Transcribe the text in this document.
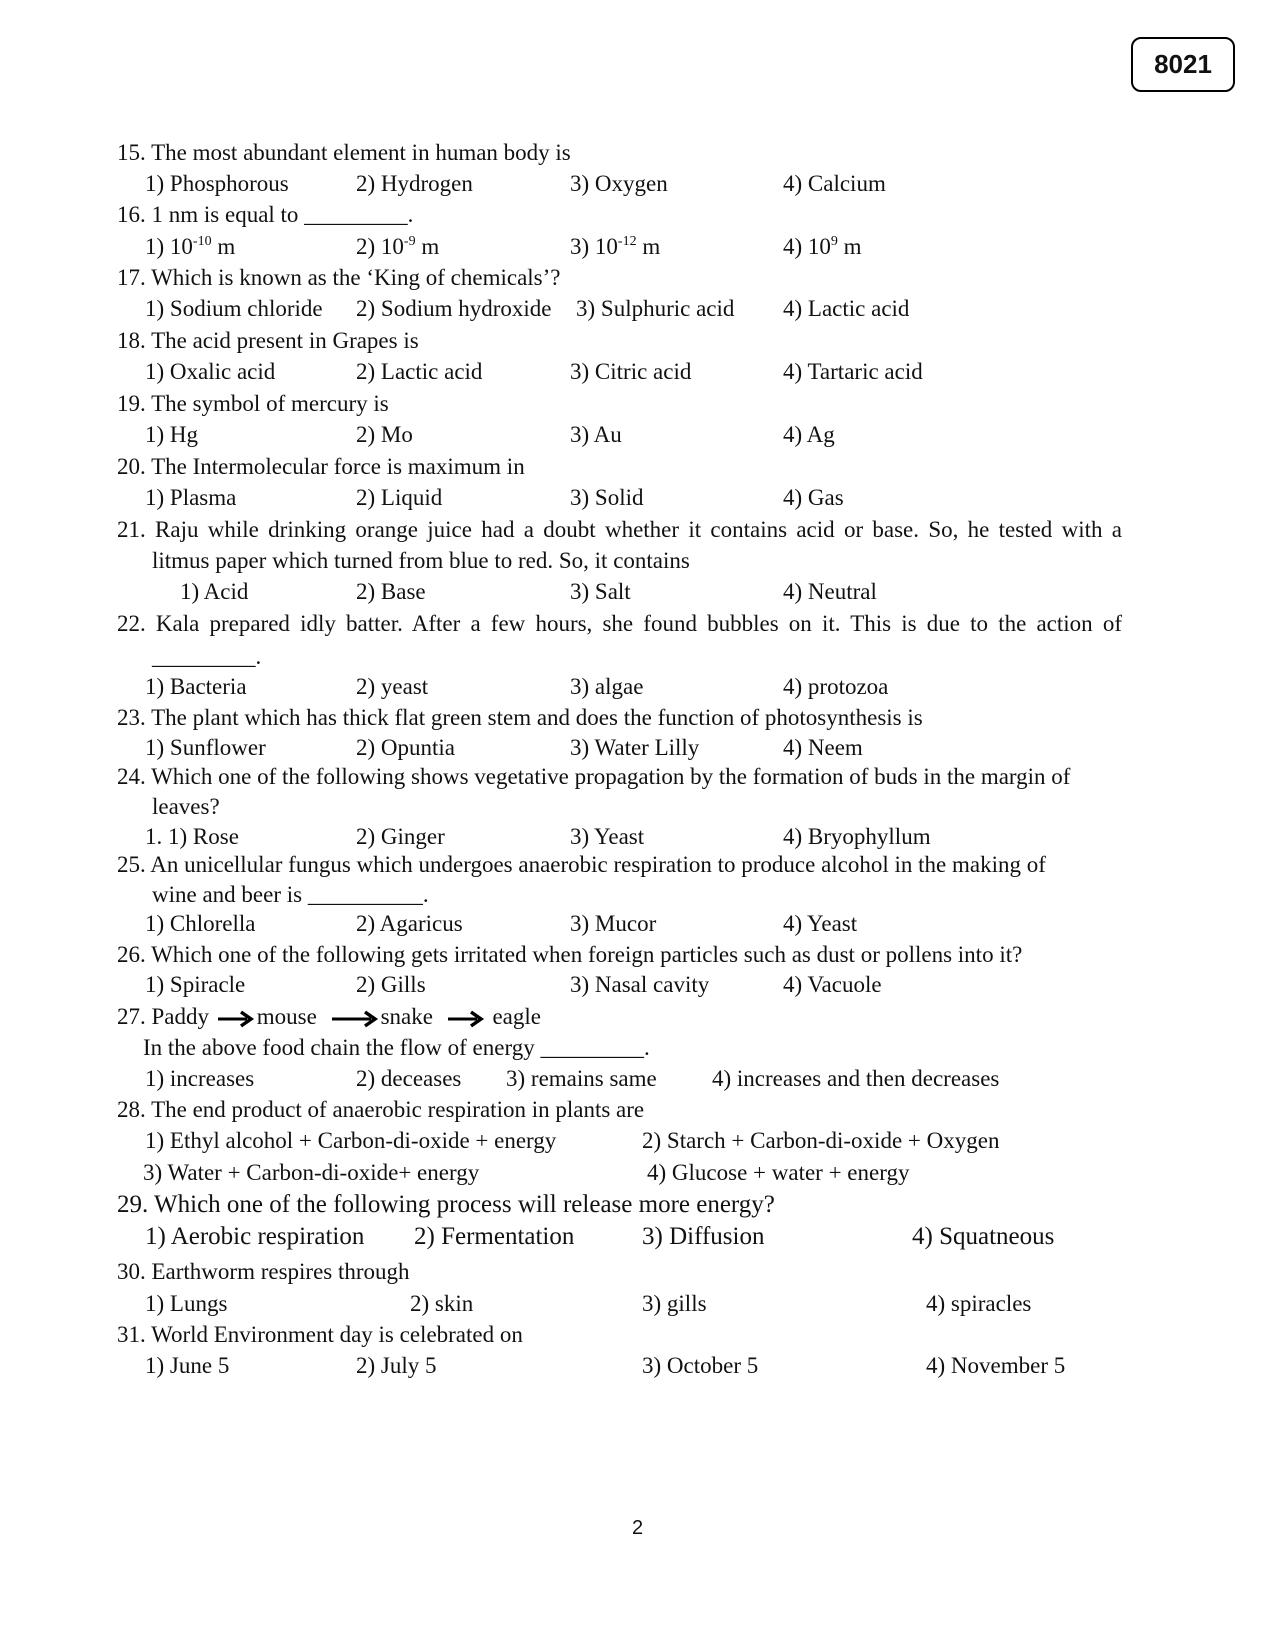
8021
15. The most abundant element in human body is
1) Phosphorous	2) Hydrogen	3) Oxygen	4) Calcium
16. 1 nm is equal to _________.
1) $10^{-10}$ m	2) $10^{-9}$ m	3) $10^{-12}$ m	4) $10^9$ m
17. Which is known as the ‘King of chemicals’?
1) Sodium chloride 2) Sodium hydroxide 3) Sulphuric acid 4) Lactic acid
18. The acid present in Grapes is
1) Oxalic acid	2) Lactic acid	3) Citric acid	4) Tartaric acid
19. The symbol of mercury is
1) Hg	2) Mo	3) Au	4) Ag
20. The Intermolecular force is maximum in
1) Plasma	2) Liquid	3) Solid	4) Gas
21. Raju while drinking orange juice had a doubt whether it contains acid or base. So, he tested with a
litmus paper which turned from blue to red. So, it contains
1) Acid	2) Base	3) Salt	4) Neutral
22. Kala prepared idly batter. After a few hours, she found bubbles on it. This is due to the action of
_________.
1) Bacteria	2) yeast	3) algae	4) protozoa
23. The plant which has thick flat green stem and does the function of photosynthesis is
1) Sunflower	2) Opuntia	3) Water Lilly	4) Neem
24. Which one of the following shows vegetative propagation by the formation of buds in the margin of
leaves?
1. 1) Rose	2) Ginger	3) Yeast	4) Bryophyllum
25. An unicellular fungus which undergoes anaerobic respiration to produce alcohol in the making of
wine and beer is __________.
1) Chlorella	2) Agaricus	3) Mucor	4) Yeast
26. Which one of the following gets irritated when foreign particles such as dust or pollens into it?
1) Spiracle	2) Gills	3) Nasal cavity	4) Vacuole
27. Paddy mouse	snake	eagle
In the above food chain the flow of energy _________.
1) increases	2) deceases 3) remains same 4) increases and then decreases
28. The end product of anaerobic respiration in plants are
1) Ethyl alcohol + Carbon-di-oxide + energy	2) Starch + Carbon-di-oxide + Oxygen
3) Water + Carbon-di-oxide+ energy	4) Glucose + water + energy
29. Which one of the following process will release more energy?
1) Aerobic respiration 2) Fermentation	3) Diffusion	4) Squatneous
30. Earthworm respires through
1) Lungs	2) skin	3) gills	4) spiracles
31. World Environment day is celebrated on
1) June 5	2) July 5	3) October 5	4) November 5
2
